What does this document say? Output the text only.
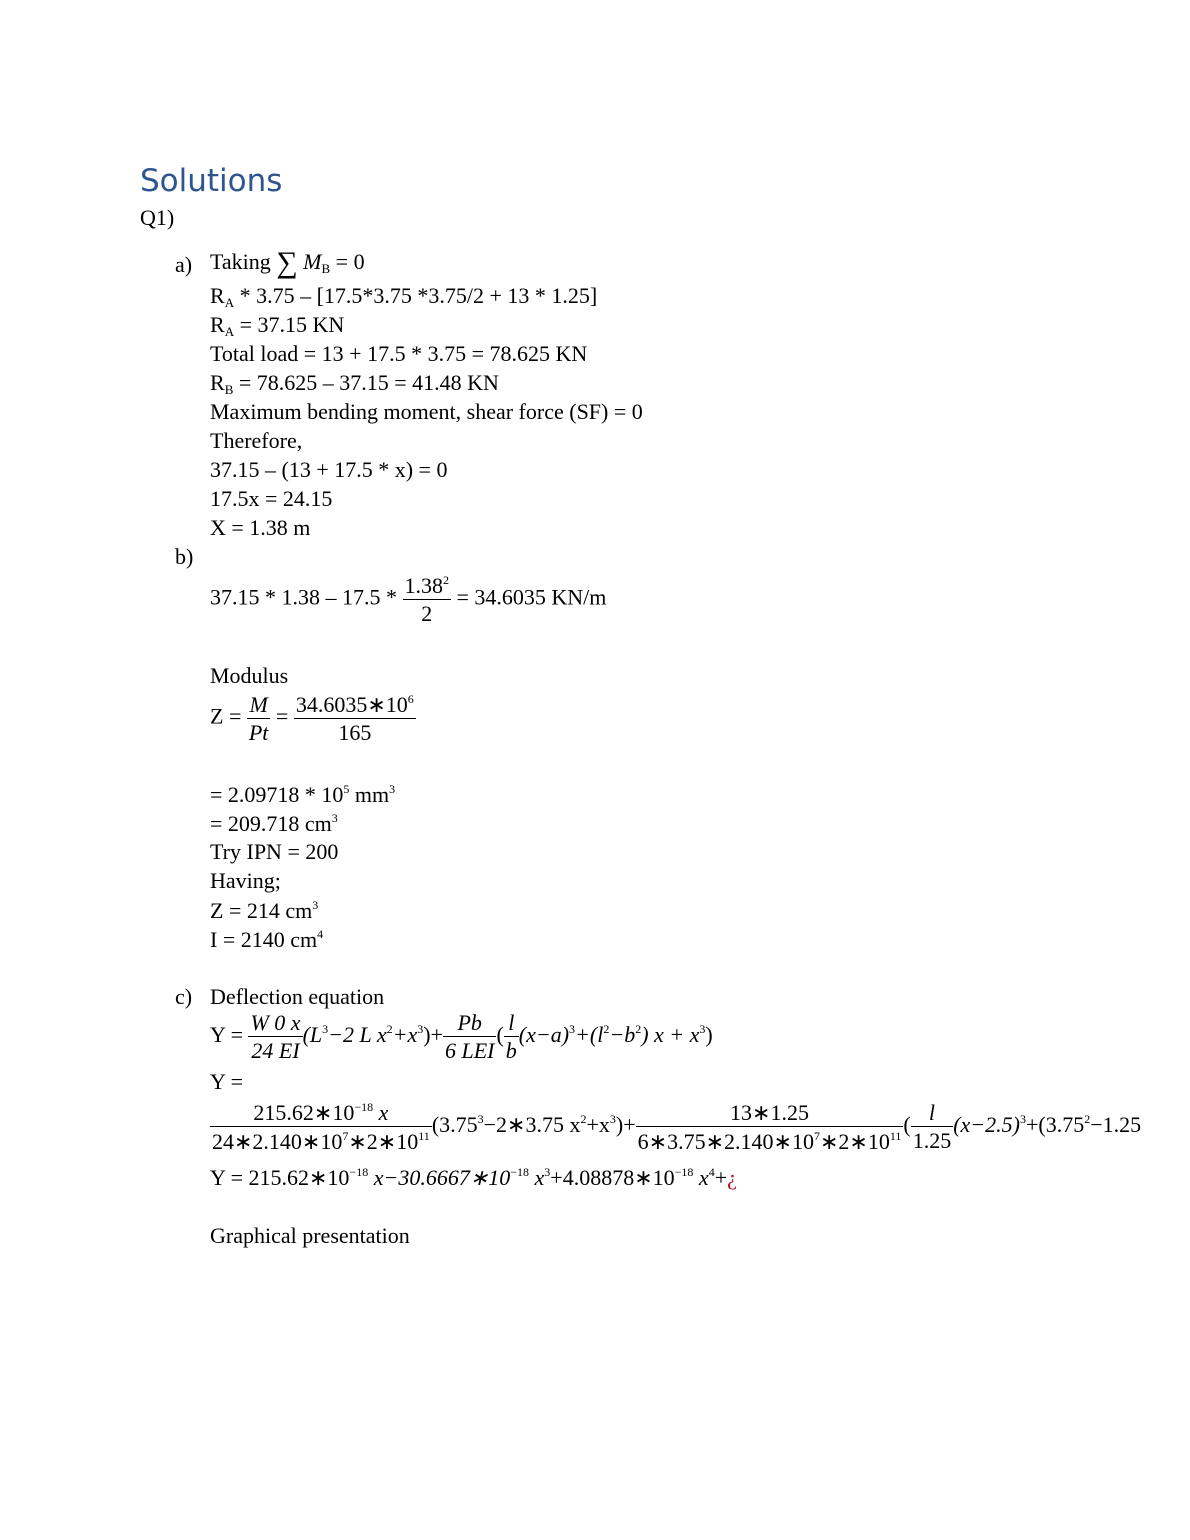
Solutions
Q1)
a) Taking ∑ $M_B = 0$
$R_A * 3.75 - [17.5*3.75$ *3.75/2 + 13 * 1.25]
$R_A = 37.15$ KN
Total load = 13 + 17.5 * 3.75 = 78.625 KN
$R_B = 78.625 - 37.15 = 41.48$ KN
Maximum bending moment, shear force (SF) = 0
Therefore,
37.15 – (13 + 17.5 * x) = 0
17.5x = 24.15
X = 1.38 m
b)
$37.15 * 1.38 - 17.5 * \frac{1.38^2}{2} = 34.6035$ KN/m
Modulus
$Z = \frac{M}{Pt} = \frac{34.6035∗10^6}{165}$
= $2.09718 * 10^5$ $mm^3$
= 209.718 $cm^3$
Try IPN = 200
Having;
Z = 214 $cm^3$
I = 2140 $cm^4$
c) Deflection equation
$Y = \frac{W 0 x}{24 EI} (L^3-2$ L $x^2+x^3)+ \frac{Pb}{\text{6 LEI}}$ ( $\frac{l}{b} (x-a)^3+(l^2-b^2) x + x^3$)
Y =
$\frac{215.62∗10^{-18} x}{24∗2.140∗10^7∗2∗10^{11}}$ ($3.75^3-2∗3.75$ $x^2+x^3)+ \frac{13∗1.25}{6∗3.75∗2.140∗10^7∗2∗10^{11}}$ ( $\frac{l}{1.25} (x-2.5)^3+(3.75^2-1.25$
$Y = 215.62∗10^{-18}$ $x-30.6667∗10^{-18}$ $x^3+4.08878∗10^{-18}$ $x^4+¿$
Graphical presentation
